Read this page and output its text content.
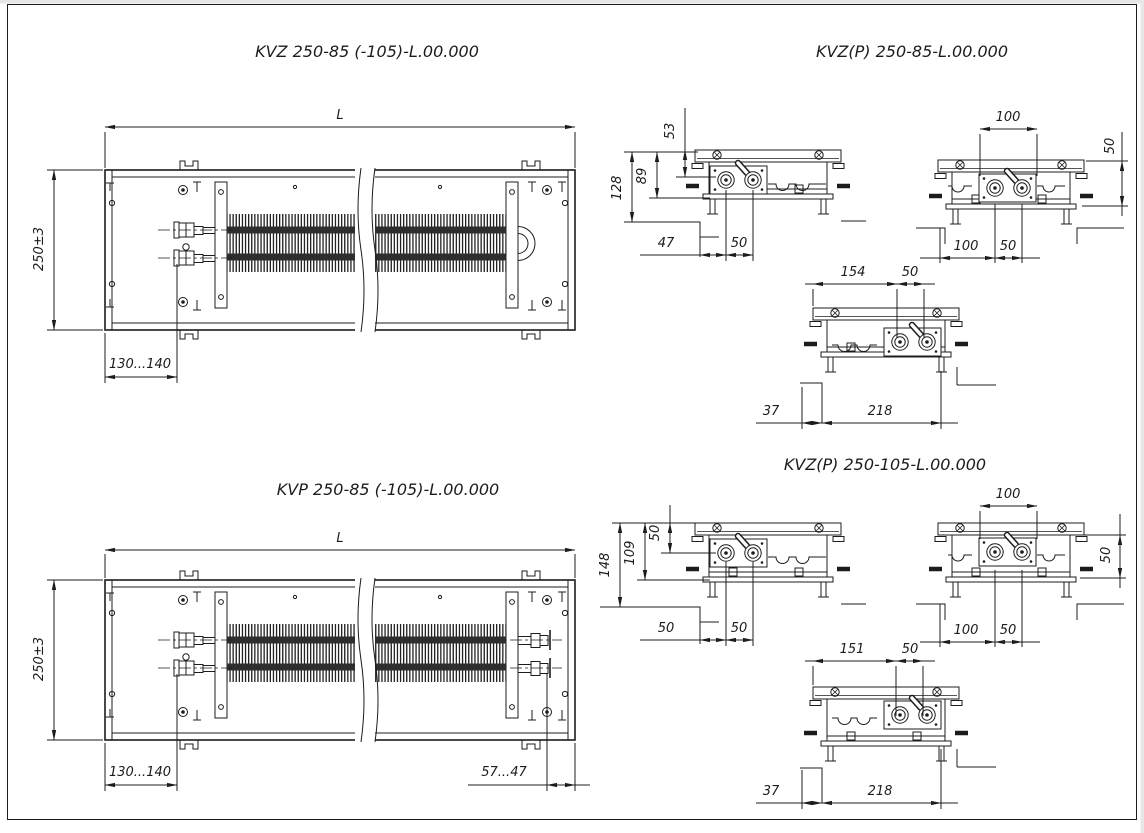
KVZ 250-85 (-105)-L.00.000
L
250±3
130...140
KVP 250-85 (-105)-L.00.000
L
250±3
130...140	57...47
KVZ(P) 250-85-L.00.000
128 89
53
47	50
100
50
100 50
154	50
37	218
KVZ(P) 250-105-L.00.000
148 109
50
50	50
100
50
100 50
151	50
37	218
